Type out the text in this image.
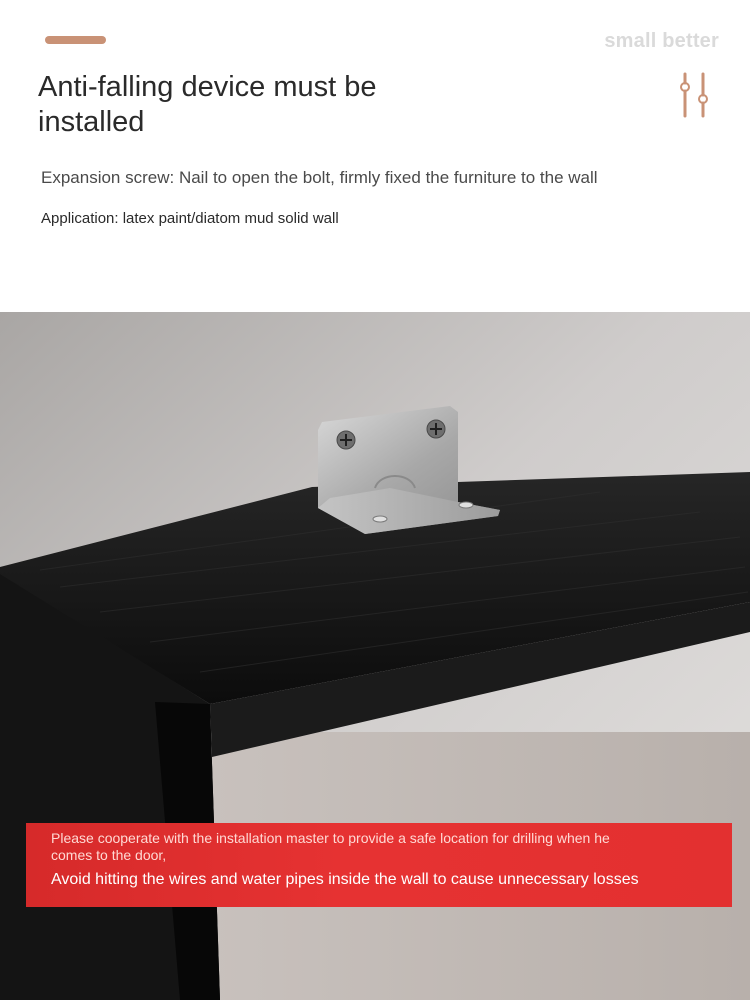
small better
Anti-falling device must be installed

Expansion screw: Nail to open the bolt, firmly fixed the furniture to the wall

Application: latex paint/diatom mud solid wall

Please cooperate with the installation master to provide a safe location for drilling when he comes to the door,

Avoid hitting the wires and water pipes inside the wall to cause unnecessary losses
